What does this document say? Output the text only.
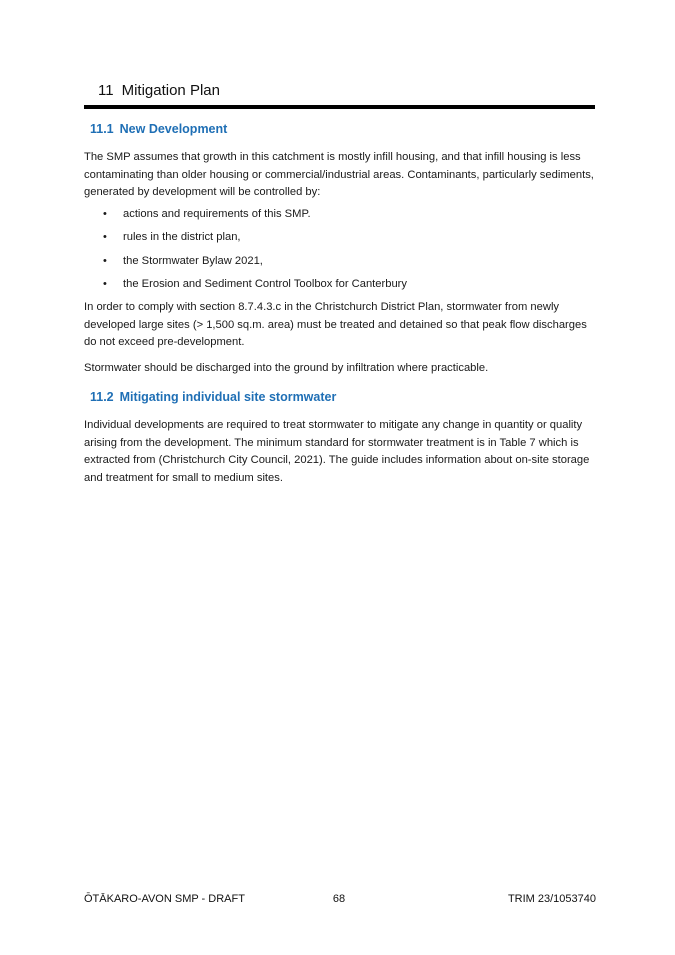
11 Mitigation Plan
11.1 New Development
The SMP assumes that growth in this catchment is mostly infill housing, and that infill housing is less contaminating than older housing or commercial/industrial areas. Contaminants, particularly sediments, generated by development will be controlled by:
• actions and requirements of this SMP.
• rules in the district plan,
• the Stormwater Bylaw 2021,
• the Erosion and Sediment Control Toolbox for Canterbury
In order to comply with section 8.7.4.3.c in the Christchurch District Plan, stormwater from newly developed large sites (> 1,500 sq.m. area) must be treated and detained so that peak flow discharges do not exceed pre-development.
Stormwater should be discharged into the ground by infiltration where practicable.
11.2 Mitigating individual site stormwater
Individual developments are required to treat stormwater to mitigate any change in quantity or quality arising from the development. The minimum standard for stormwater treatment is in Table 7 which is extracted from (Christchurch City Council, 2021). The guide includes information about on-site storage and treatment for small to medium sites.
ŌTĀKARO-AVON SMP - DRAFT	68	TRIM 23/1053740
